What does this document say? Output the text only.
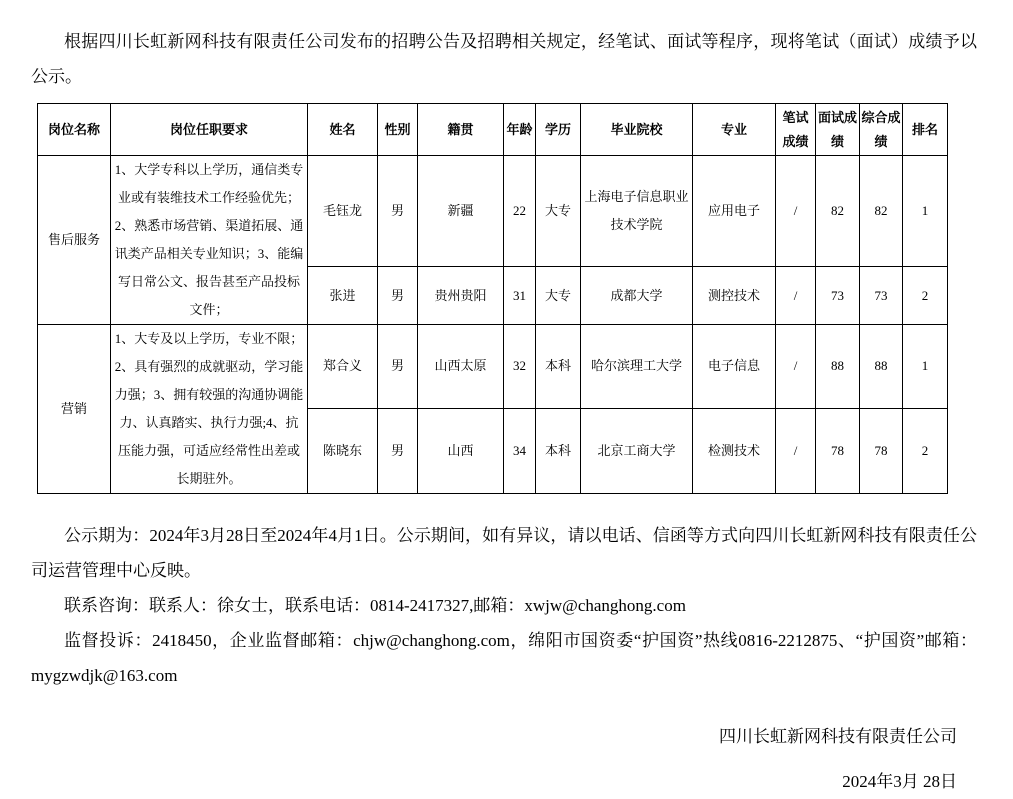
根据四川长虹新网科技有限责任公司发布的招聘公告及招聘相关规定，经笔试、面试等程序，现将笔试（面试）成绩予以公示。

岗位名称	岗位任职要求	姓名	性别	籍贯	年龄	学历	毕业院校	专业	笔试成绩	面试成绩	综合成绩	排名
售后服务	1、大学专科以上学历，通信类专业或有装维技术工作经验优先；2、熟悉市场营销、渠道拓展、通讯类产品相关专业知识；3、能编写日常公文、报告甚至产品投标文件；	毛钰龙	男	新疆	22	大专	上海电子信息职业技术学院	应用电子	/	82	82	1
		张进	男	贵州贵阳	31	大专	成都大学	测控技术	/	73	73	2
营销	1、大专及以上学历，专业不限；2、具有强烈的成就驱动，学习能力强；3、拥有较强的沟通协调能力、认真踏实、执行力强;4、抗压能力强，可适应经常性出差或长期驻外。	郑合义	男	山西太原	32	本科	哈尔滨理工大学	电子信息	/	88	88	1
		陈晓东	男	山西	34	本科	北京工商大学	检测技术	/	78	78	2

公示期为：2024年3月28日至2024年4月1日。公示期间，如有异议，请以电话、信函等方式向四川长虹新网科技有限责任公司运营管理中心反映。

联系咨询：联系人：徐女士，联系电话：0814-2417327,邮箱：xwjw@changhong.com

监督投诉：2418450，企业监督邮箱：chjw@changhong.com，绵阳市国资委“护国资”热线0816-2212875、“护国资”邮箱：mygzwdjk@163.com

四川长虹新网科技有限责任公司

2024年3月 28日
